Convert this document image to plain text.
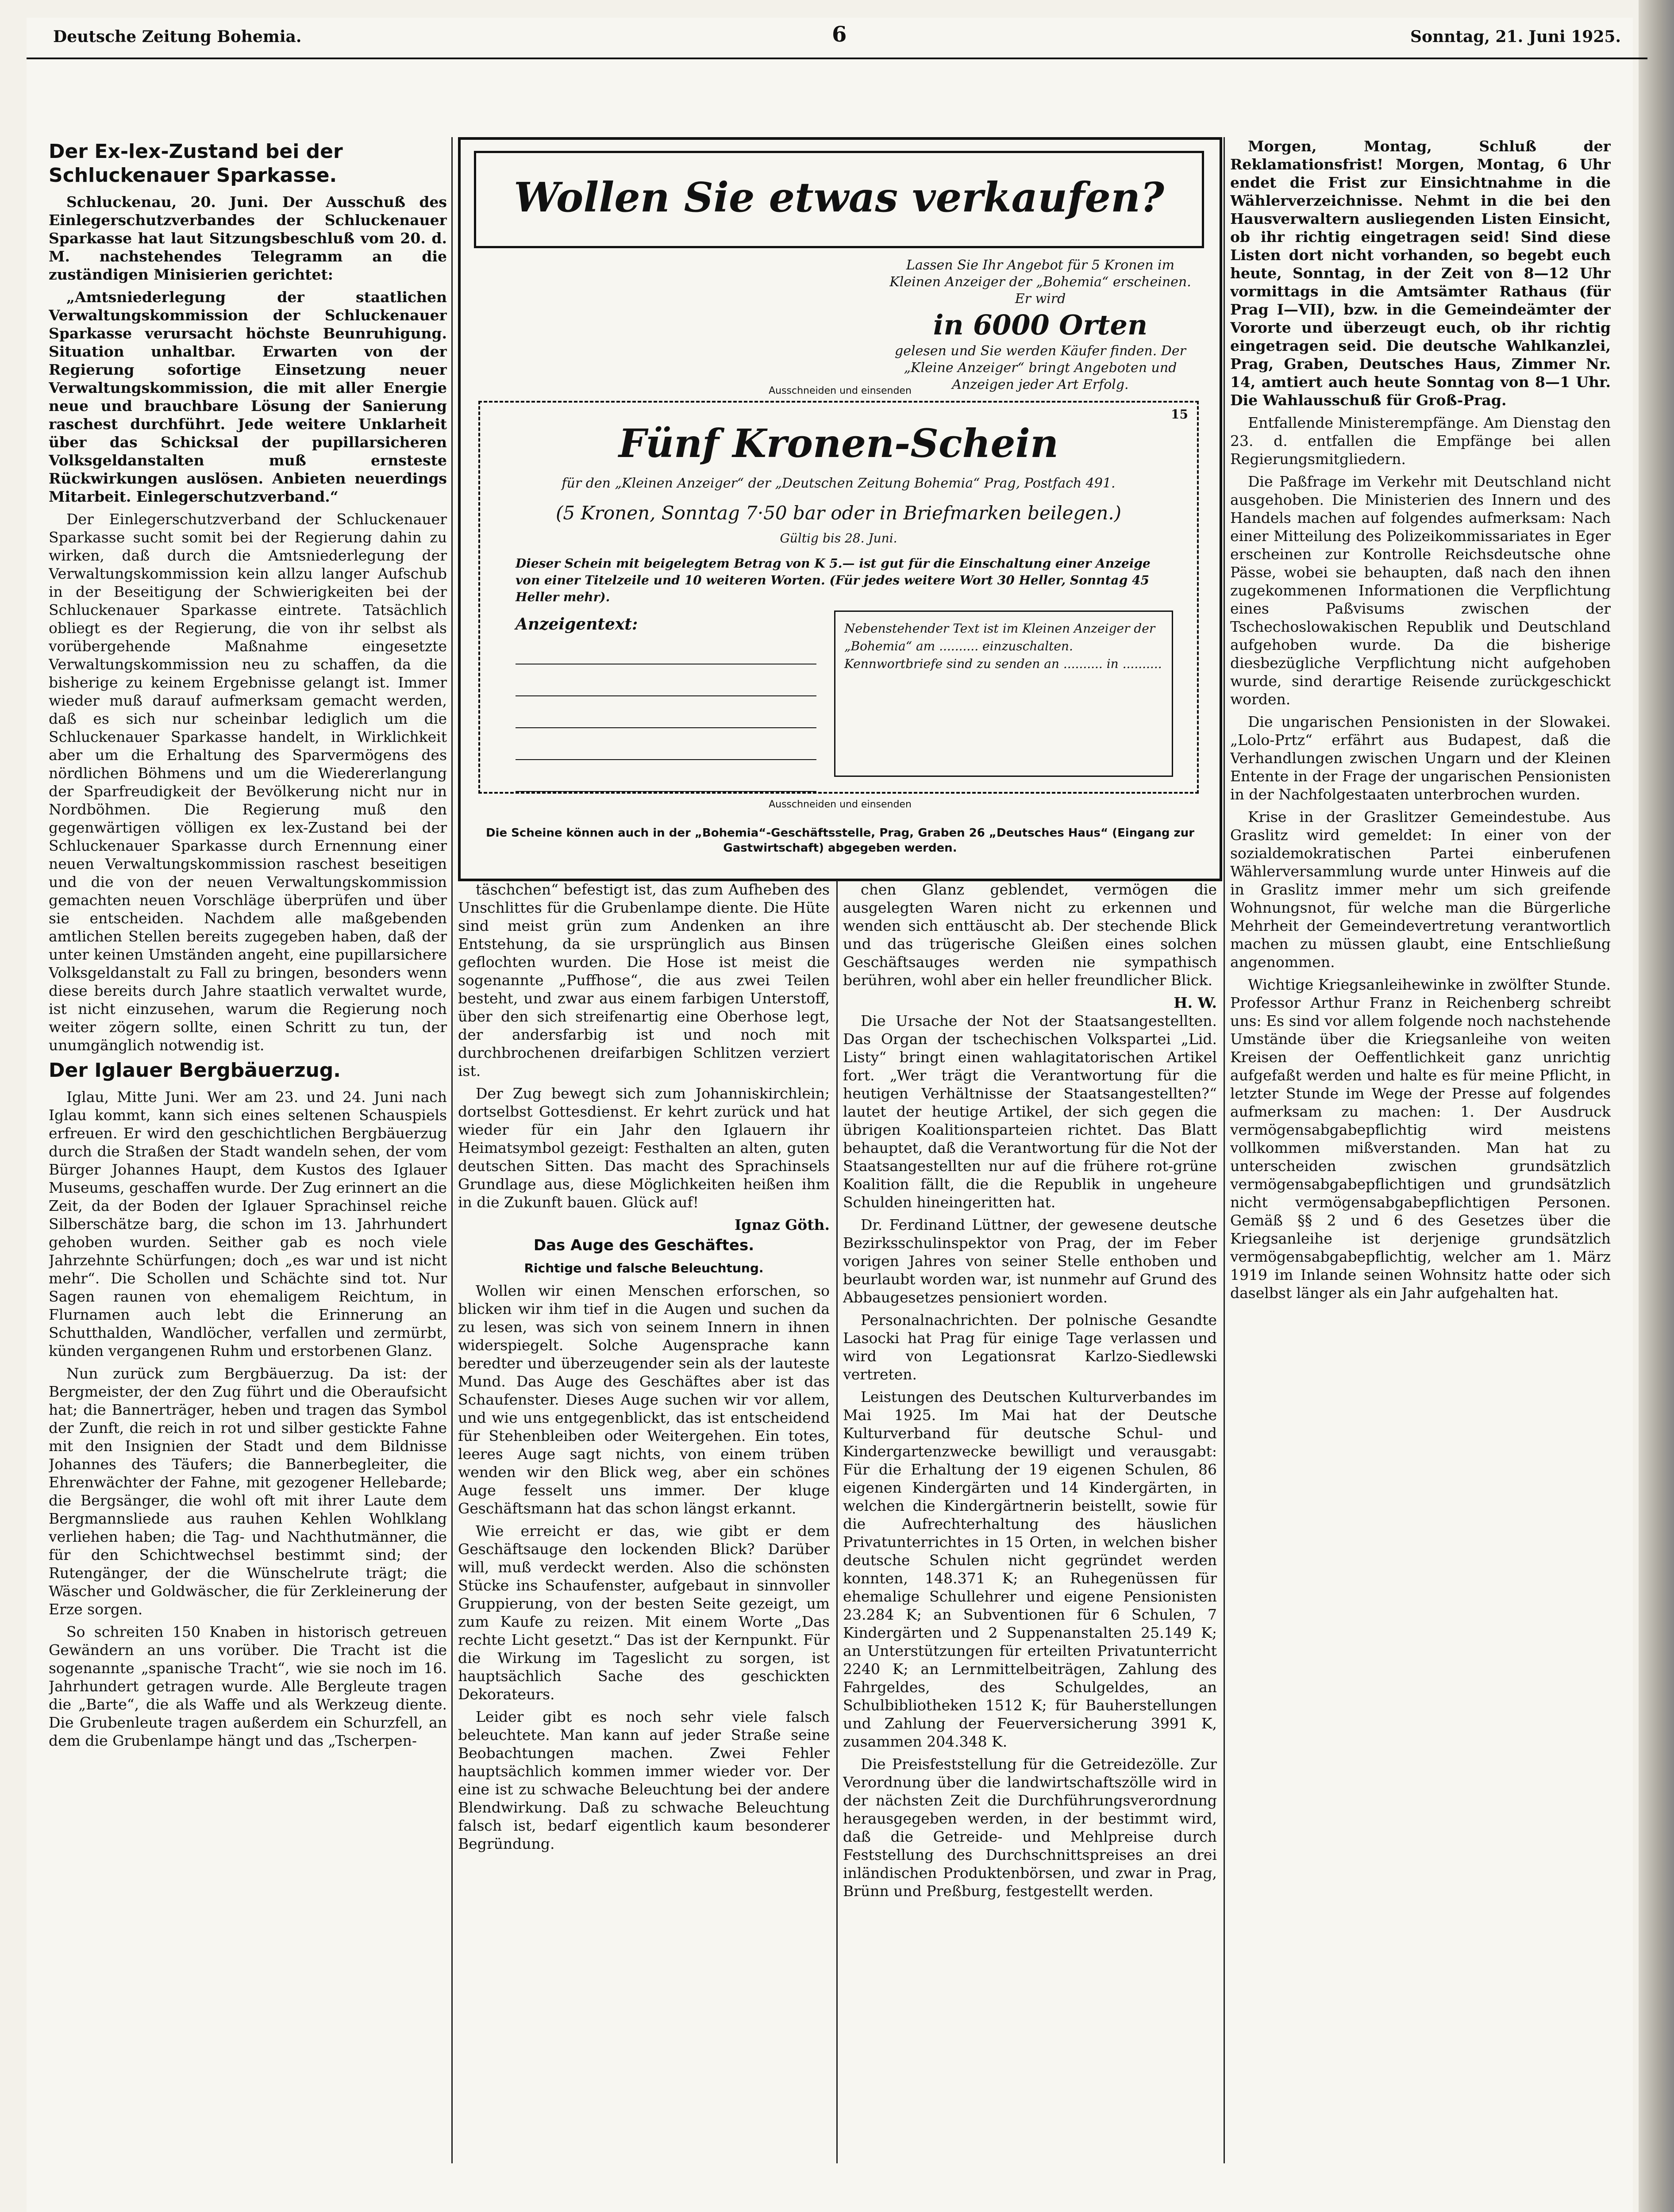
Deutsche Zeitung Bohemia.	6	Sonntag, 21. Juni 1925.
Der Ex-lex-Zustand bei der Schluckenauer Sparkasse.

Schluckenau, 20. Juni. Der Ausschuß des Einlegerschutzverbandes der Schluckenauer Sparkasse hat laut Sitzungsbeschluß vom 20. d. M. nachstehendes Telegramm an die zuständigen Minisierien gerichtet:

„Amtsniederlegung der staatlichen Verwaltungskommission der Schluckenauer Sparkasse verursacht höchste Beunruhigung. Situation unhaltbar. Erwarten von der Regierung sofortige Einsetzung neuer Verwaltungskommission, die mit aller Energie neue und brauchbare Lösung der Sanierung raschest durchführt. Jede weitere Unklarheit über das Schicksal der pupillarsicheren Volksgeldanstalten muß ernsteste Rückwirkungen auslösen. Anbieten neuerdings Mitarbeit. Einlegerschutzverband.“

Der Einlegerschutzverband der Schluckenauer Sparkasse sucht somit bei der Regierung dahin zu wirken, daß durch die Amtsniederlegung der Verwaltungskommission kein allzu langer Aufschub in der Beseitigung der Schwierigkeiten bei der Schluckenauer Sparkasse eintrete. Tatsächlich obliegt es der Regierung, die von ihr selbst als vorübergehende Maßnahme eingesetzte Verwaltungskommission neu zu schaffen, da die bisherige zu keinem Ergebnisse gelangt ist. Immer wieder muß darauf aufmerksam gemacht werden, daß es sich nur scheinbar lediglich um die Schluckenauer Sparkasse handelt, in Wirklichkeit aber um die Erhaltung des Sparvermögens des nördlichen Böhmens und um die Wiedererlangung der Sparfreudigkeit der Bevölkerung nicht nur in Nordböhmen. Die Regierung muß den gegenwärtigen völligen ex lex-Zustand bei der Schluckenauer Sparkasse durch Ernennung einer neuen Verwaltungskommission raschest beseitigen und die von der neuen Verwaltungskommission gemachten neuen Vorschläge überprüfen und über sie entscheiden. Nachdem alle maßgebenden amtlichen Stellen bereits zugegeben haben, daß der unter keinen Umständen angeht, eine pupillarsichere Volksgeldanstalt zu Fall zu bringen, besonders wenn diese bereits durch Jahre staatlich verwaltet wurde, ist nicht einzusehen, warum die Regierung noch weiter zögern sollte, einen Schritt zu tun, der unumgänglich notwendig ist.

Der Iglauer Bergbäuerzug.

Iglau, Mitte Juni. Wer am 23. und 24. Juni nach Iglau kommt, kann sich eines seltenen Schauspiels erfreuen. Er wird den geschichtlichen Bergbäuerzug durch die Straßen der Stadt wandeln sehen, der vom Bürger Johannes Haupt, dem Kustos des Iglauer Museums, geschaffen wurde. Der Zug erinnert an die Zeit, da der Boden der Iglauer Sprachinsel reiche Silberschätze barg, die schon im 13. Jahrhundert gehoben wurden. Seither gab es noch viele Jahrzehnte Schürfungen; doch „es war und ist nicht mehr“. Die Schollen und Schächte sind tot. Nur Sagen raunen von ehemaligem Reichtum, in Flurnamen auch lebt die Erinnerung an Schutthalden, Wandlöcher, verfallen und zermürbt, künden vergangenen Ruhm und erstorbenen Glanz.

Nun zurück zum Bergbäuerzug. Da ist: der Bergmeister, der den Zug führt und die Oberaufsicht hat; die Bannerträger, heben und tragen das Symbol der Zunft, die reich in rot und silber gestickte Fahne mit den Insignien der Stadt und dem Bildnisse Johannes des Täufers; die Bannerbegleiter, die Ehrenwächter der Fahne, mit gezogener Hellebarde; die Bergsänger, die wohl oft mit ihrer Laute dem Bergmannsliede aus rauhen Kehlen Wohlklang verliehen haben; die Tag- und Nachthutmänner, die für den Schichtwechsel bestimmt sind; der Rutengänger, der die Wünschelrute trägt; die Wäscher und Goldwäscher, die für Zerkleinerung der Erze sorgen.

So schreiten 150 Knaben in historisch getreuen Gewändern an uns vorüber. Die Tracht ist die sogenannte „spanische Tracht“, wie sie noch im 16. Jahrhundert getragen wurde. Alle Bergleute tragen die „Barte“, die als Waffe und als Werkzeug diente. Die Grubenleute tragen außerdem ein Schurzfell, an dem die Grubenlampe hängt und das „Tscherpen-

Wollen Sie etwas verkaufen?
Lassen Sie Ihr Angebot für 5 Kronen im Kleinen Anzeiger der „Bohemia“ erscheinen. Er wird
in 6000 Orten
gelesen und Sie werden Käufer finden. Der „Kleine Anzeiger“ bringt Angeboten und Anzeigen jeder Art Erfolg.
Ausschneiden und einsenden
15
Fünf Kronen-Schein
für den „Kleinen Anzeiger“ der „Deutschen Zeitung Bohemia“ Prag, Postfach 491.
(5 Kronen, Sonntag 7·50 bar oder in Briefmarken beilegen.)
Gültig bis 28. Juni.
Dieser Schein mit beigelegtem Betrag von K 5.— ist gut für die Einschaltung einer Anzeige von einer Titelzeile und 10 weiteren Worten. (Für jedes weitere Wort 30 Heller, Sonntag 45 Heller mehr).
Anzeigentext:	Nebenstehender Text ist im Kleinen Anzeiger der „Bohemia“ am .......... einzuschalten. Kennwortbriefe sind zu senden an .......... in ..........

Ausschneiden und einsenden
Die Scheine können auch in der „Bohemia“-Geschäftsstelle, Prag, Graben 26 „Deutsches Haus“ (Eingang zur Gastwirtschaft) abgegeben werden.

täschchen“ befestigt ist, das zum Aufheben des Unschlittes für die Grubenlampe diente. Die Hüte sind meist grün zum Andenken an ihre Entstehung, da sie ursprünglich aus Binsen geflochten wurden. Die Hose ist meist die sogenannte „Puffhose“, die aus zwei Teilen besteht, und zwar aus einem farbigen Unterstoff, über den sich streifenartig eine Oberhose legt, der andersfarbig ist und noch mit durchbrochenen dreifarbigen Schlitzen verziert ist.

Der Zug bewegt sich zum Johanniskirchlein; dortselbst Gottesdienst. Er kehrt zurück und hat wieder für ein Jahr den Iglauern ihr Heimatsymbol gezeigt: Festhalten an alten, guten deutschen Sitten. Das macht des Sprachinsels Grundlage aus, diese Möglichkeiten heißen ihm in die Zukunft bauen. Glück auf!

Ignaz Göth.
Das Auge des Geschäftes.
Richtige und falsche Beleuchtung.

Wollen wir einen Menschen erforschen, so blicken wir ihm tief in die Augen und suchen da zu lesen, was sich von seinem Innern in ihnen widerspiegelt. Solche Augensprache kann beredter und überzeugender sein als der lauteste Mund. Das Auge des Geschäftes aber ist das Schaufenster. Dieses Auge suchen wir vor allem, und wie uns entgegenblickt, das ist entscheidend für Stehenbleiben oder Weitergehen. Ein totes, leeres Auge sagt nichts, von einem trüben wenden wir den Blick weg, aber ein schönes Auge fesselt uns immer. Der kluge Geschäftsmann hat das schon längst erkannt.

Wie erreicht er das, wie gibt er dem Geschäftsauge den lockenden Blick? Darüber will, muß verdeckt werden. Also die schönsten Stücke ins Schaufenster, aufgebaut in sinnvoller Gruppierung, von der besten Seite gezeigt, um zum Kaufe zu reizen. Mit einem Worte „Das rechte Licht gesetzt.“ Das ist der Kernpunkt. Für die Wirkung im Tageslicht zu sorgen, ist hauptsächlich Sache des geschickten Dekorateurs.

Leider gibt es noch sehr viele falsch beleuchtete. Man kann auf jeder Straße seine Beobachtungen machen. Zwei Fehler hauptsächlich kommen immer wieder vor. Der eine ist zu schwache Beleuchtung bei der andere Blendwirkung. Daß zu schwache Beleuchtung falsch ist, bedarf eigentlich kaum besonderer Begründung.

chen Glanz geblendet, vermögen die ausgelegten Waren nicht zu erkennen und wenden sich enttäuscht ab. Der stechende Blick und das trügerische Gleißen eines solchen Geschäftsauges werden nie sympathisch berühren, wohl aber ein heller freundlicher Blick.

H. W.

Die Ursache der Not der Staatsangestellten. Das Organ der tschechischen Volkspartei „Lid. Listy“ bringt einen wahlagitatorischen Artikel fort. „Wer trägt die Verantwortung für die heutigen Verhältnisse der Staatsangestellten?“ lautet der heutige Artikel, der sich gegen die übrigen Koalitionsparteien richtet. Das Blatt behauptet, daß die Verantwortung für die Not der Staatsangestellten nur auf die frühere rot-grüne Koalition fällt, die die Republik in ungeheure Schulden hineingeritten hat.

Dr. Ferdinand Lüttner, der gewesene deutsche Bezirksschulinspektor von Prag, der im Feber vorigen Jahres von seiner Stelle enthoben und beurlaubt worden war, ist nunmehr auf Grund des Abbaugesetzes pensioniert worden.

Personalnachrichten. Der polnische Gesandte Lasocki hat Prag für einige Tage verlassen und wird von Legationsrat Karlzo-Siedlewski vertreten.

Leistungen des Deutschen Kulturverbandes im Mai 1925. Im Mai hat der Deutsche Kulturverband für deutsche Schul- und Kindergartenzwecke bewilligt und verausgabt: Für die Erhaltung der 19 eigenen Schulen, 86 eigenen Kindergärten und 14 Kindergärten, in welchen die Kindergärtnerin beistellt, sowie für die Aufrechterhaltung des häuslichen Privatunterrichtes in 15 Orten, in welchen bisher deutsche Schulen nicht gegründet werden konnten, 148.371 K; an Ruhegenüssen für ehemalige Schullehrer und eigene Pensionisten 23.284 K; an Subventionen für 6 Schulen, 7 Kindergärten und 2 Suppenanstalten 25.149 K; an Unterstützungen für erteilten Privatunterricht 2240 K; an Lernmittelbeiträgen, Zahlung des Fahrgeldes, des Schulgeldes, an Schulbibliotheken 1512 K; für Bauherstellungen und Zahlung der Feuerversicherung 3991 K, zusammen 204.348 K.

Die Preisfeststellung für die Getreidezölle. Zur Verordnung über die landwirtschaftszölle wird in der nächsten Zeit die Durchführungsverordnung herausgegeben werden, in der bestimmt wird, daß die Getreide- und Mehlpreise durch Feststellung des Durchschnittspreises an drei inländischen Produktenbörsen, und zwar in Prag, Brünn und Preßburg, festgestellt werden.

Morgen, Montag, Schluß der Reklamationsfrist! Morgen, Montag, 6 Uhr endet die Frist zur Einsichtnahme in die Wählerverzeichnisse. Nehmt in die bei den Hausverwaltern ausliegenden Listen Einsicht, ob ihr richtig eingetragen seid! Sind diese Listen dort nicht vorhanden, so begebt euch heute, Sonntag, in der Zeit von 8—12 Uhr vormittags in die Amtsämter Rathaus (für Prag I—VII), bzw. in die Gemeindeämter der Vororte und überzeugt euch, ob ihr richtig eingetragen seid. Die deutsche Wahlkanzlei, Prag, Graben, Deutsches Haus, Zimmer Nr. 14, amtiert auch heute Sonntag von 8—1 Uhr. Die Wahlausschuß für Groß-Prag.

Entfallende Ministerempfänge. Am Dienstag den 23. d. entfallen die Empfänge bei allen Regierungsmitgliedern.

Die Paßfrage im Verkehr mit Deutschland nicht ausgehoben. Die Ministerien des Innern und des Handels machen auf folgendes aufmerksam: Nach einer Mitteilung des Polizeikommissariates in Eger erscheinen zur Kontrolle Reichsdeutsche ohne Pässe, wobei sie behaupten, daß nach den ihnen zugekommenen Informationen die Verpflichtung eines Paßvisums zwischen der Tschechoslowakischen Republik und Deutschland aufgehoben wurde. Da die bisherige diesbezügliche Verpflichtung nicht aufgehoben wurde, sind derartige Reisende zurückgeschickt worden.

Die ungarischen Pensionisten in der Slowakei. „Lolo-Prtz“ erfährt aus Budapest, daß die Verhandlungen zwischen Ungarn und der Kleinen Entente in der Frage der ungarischen Pensionisten in der Nachfolgestaaten unterbrochen wurden.

Krise in der Graslitzer Gemeindestube. Aus Graslitz wird gemeldet: In einer von der sozialdemokratischen Partei einberufenen Wählerversammlung wurde unter Hinweis auf die in Graslitz immer mehr um sich greifende Wohnungsnot, für welche man die Bürgerliche Mehrheit der Gemeindevertretung verantwortlich machen zu müssen glaubt, eine Entschließung angenommen.

Wichtige Kriegsanleihewinke in zwölfter Stunde. Professor Arthur Franz in Reichenberg schreibt uns: Es sind vor allem folgende noch nachstehende Umstände über die Kriegsanleihe von weiten Kreisen der Oeffentlichkeit ganz unrichtig aufgefaßt werden und halte es für meine Pflicht, in letzter Stunde im Wege der Presse auf folgendes aufmerksam zu machen: 1. Der Ausdruck vermögensabgabepflichtig wird meistens vollkommen mißverstanden. Man hat zu unterscheiden zwischen grundsätzlich vermögensabgabepflichtigen und grundsätzlich nicht vermögensabgabepflichtigen Personen. Gemäß §§ 2 und 6 des Gesetzes über die Kriegsanleihe ist derjenige grundsätzlich vermögensabgabepflichtig, welcher am 1. März 1919 im Inlande seinen Wohnsitz hatte oder sich daselbst länger als ein Jahr aufgehalten hat.
